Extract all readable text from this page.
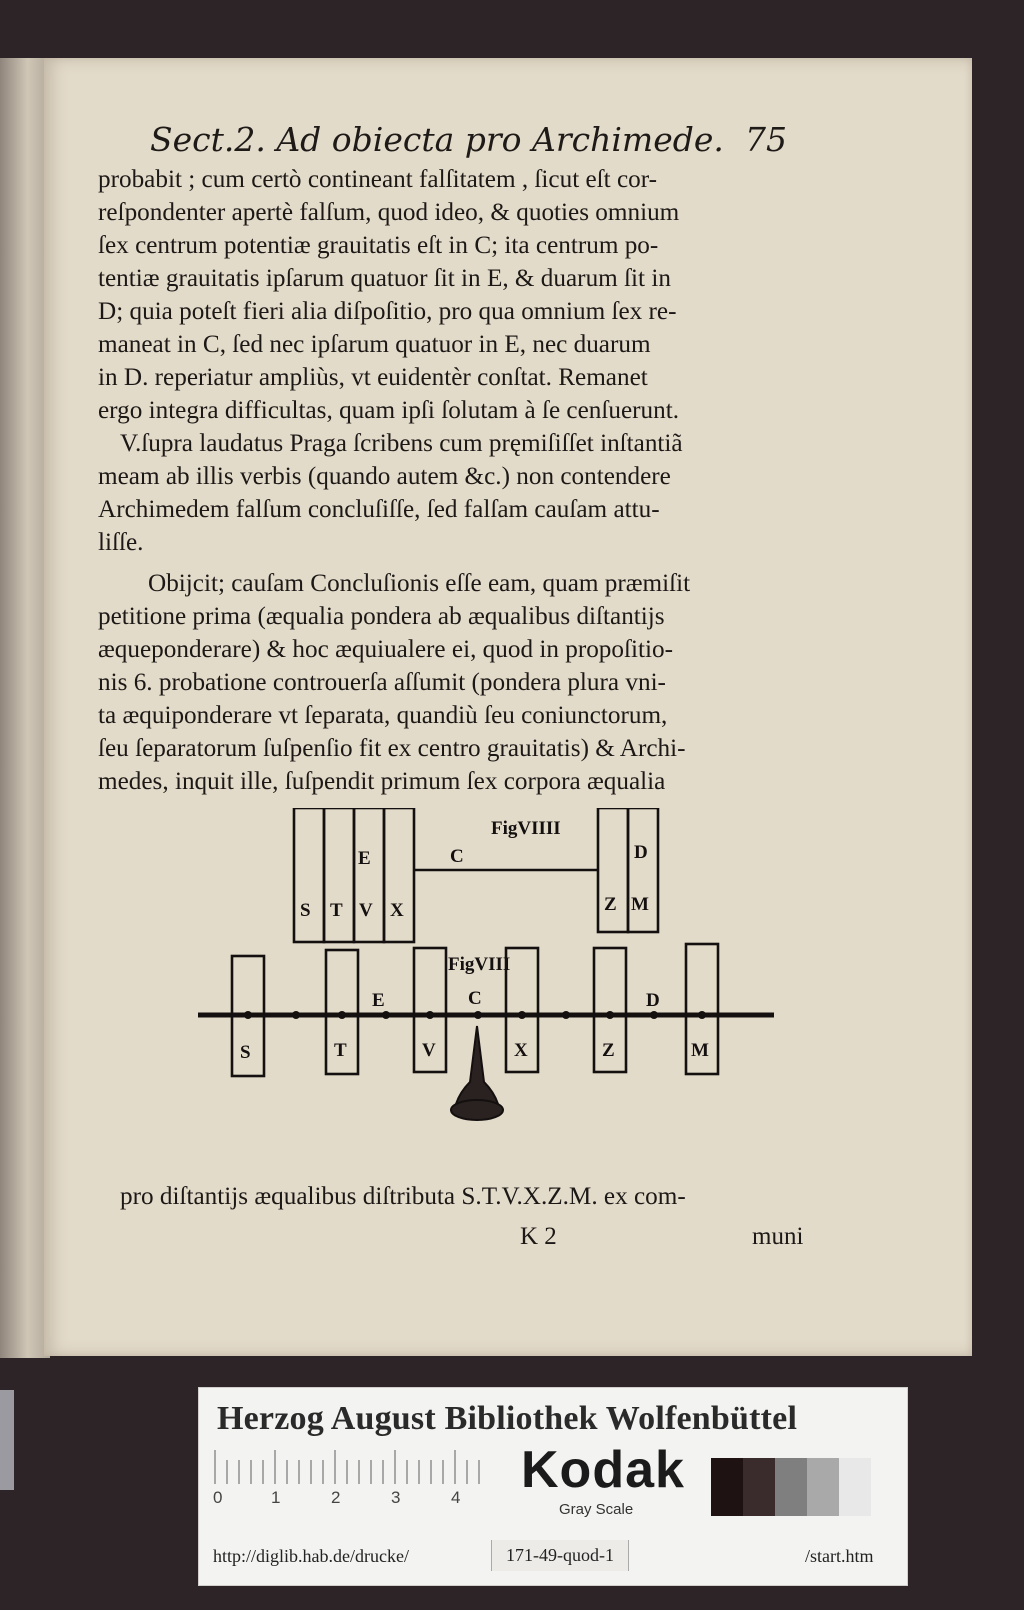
Sect.2. Ad obiecta pro Archimede. 75
probabit ; cum certò contineant falſitatem , ſicut eſt cor-
reſpondenter apertè falſum, quod ideo, & quoties omnium
ſex centrum potentiæ grauitatis eſt in C; ita centrum po-
tentiæ grauitatis ipſarum quatuor ſit in E, & duarum ſit in
D; quia poteſt fieri alia diſpoſitio, pro qua omnium ſex re-
maneat in C, ſed nec ipſarum quatuor in E, nec duarum
in D. reperiatur ampliùs, vt euidentèr conſtat. Remanet
ergo integra difficultas, quam ipſi ſolutam à ſe cenſuerunt.
V.ſupra laudatus Praga ſcribens cum pręmiſiſſet inſtantiã
meam ab illis verbis (quando autem &c.) non contendere
Archimedem falſum concluſiſſe, ſed falſam cauſam attu-
liſſe.
Obijcit; cauſam Concluſionis eſſe eam, quam præmiſit
petitione prima (æqualia pondera ab æqualibus diſtantijs
æqueponderare) & hoc æquiualere ei, quod in propoſitio-
nis 6. probatione controuerſa aſſumit (pondera plura vni-
ta æquiponderare vt ſeparata, quandiù ſeu coniunctorum,
ſeu ſeparatorum ſuſpenſio fit ex centro grauitatis) & Archi-
medes, inquit ille, ſuſpendit primum ſex corpora æqualia
FigVIIII
FigVIII
S T V X
E	C	D
Z M
S	T	V	X	Z	M
E	C	D
pro diſtantijs æqualibus diſtributa S.T.V.X.Z.M. ex com-
K 2	muni
Herzog August Bibliothek Wolfenbüttel
0	1	2	3	4 Kodak
Gray Scale
http://diglib.hab.de/drucke/	171-49-quod-1	/start.htm
